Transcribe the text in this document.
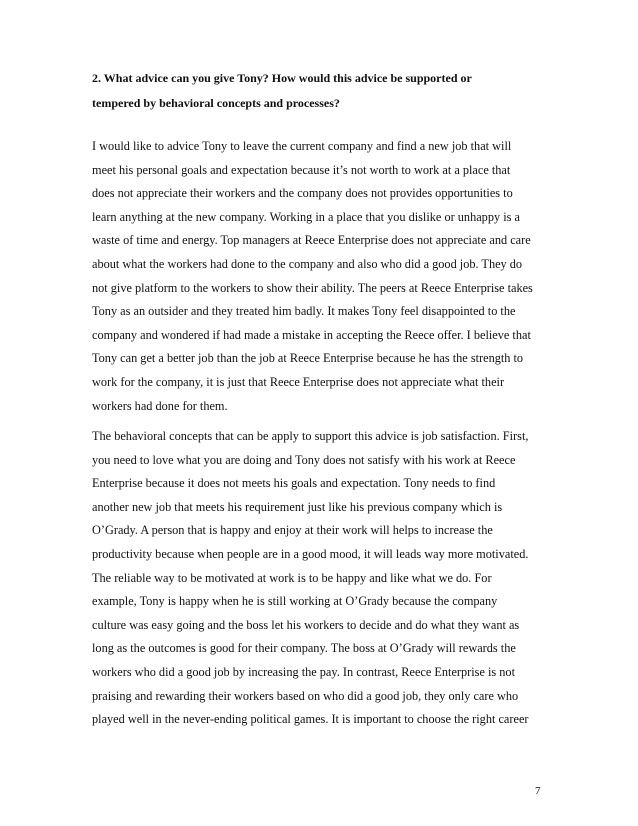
2. What advice can you give Tony? How would this advice be supported or
tempered by behavioral concepts and processes?
I would like to advice Tony to leave the current company and find a new job that will
meet his personal goals and expectation because it’s not worth to work at a place that
does not appreciate their workers and the company does not provides opportunities to
learn anything at the new company. Working in a place that you dislike or unhappy is a
waste of time and energy. Top managers at Reece Enterprise does not appreciate and care
about what the workers had done to the company and also who did a good job. They do
not give platform to the workers to show their ability. The peers at Reece Enterprise takes
Tony as an outsider and they treated him badly. It makes Tony feel disappointed to the
company and wondered if had made a mistake in accepting the Reece offer. I believe that
Tony can get a better job than the job at Reece Enterprise because he has the strength to
work for the company, it is just that Reece Enterprise does not appreciate what their
workers had done for them.
The behavioral concepts that can be apply to support this advice is job satisfaction. First,
you need to love what you are doing and Tony does not satisfy with his work at Reece
Enterprise because it does not meets his goals and expectation. Tony needs to find
another new job that meets his requirement just like his previous company which is
O’Grady. A person that is happy and enjoy at their work will helps to increase the
productivity because when people are in a good mood, it will leads way more motivated.
The reliable way to be motivated at work is to be happy and like what we do. For
example, Tony is happy when he is still working at O’Grady because the company
culture was easy going and the boss let his workers to decide and do what they want as
long as the outcomes is good for their company. The boss at O’Grady will rewards the
workers who did a good job by increasing the pay. In contrast, Reece Enterprise is not
praising and rewarding their workers based on who did a good job, they only care who
played well in the never-ending political games. It is important to choose the right career
7
